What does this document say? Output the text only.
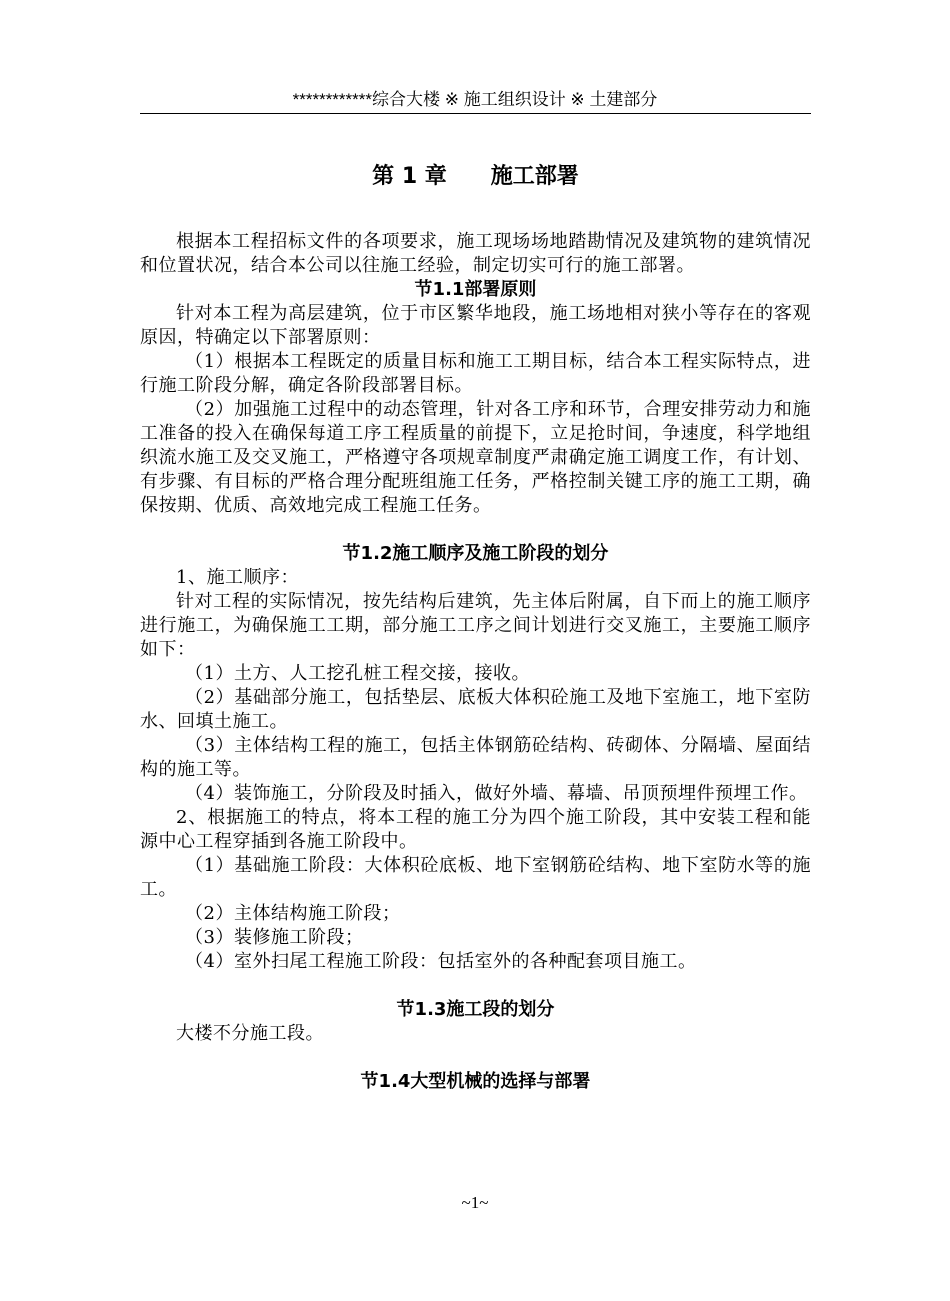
************综合大楼 ※ 施工组织设计 ※ 土建部分
第 1 章　　施工部署

根据本工程招标文件的各项要求，施工现场场地踏勘情况及建筑物的建筑情况和位置状况，结合本公司以往施工经验，制定切实可行的施工部署。

节1.1部署原则

针对本工程为高层建筑，位于市区繁华地段，施工场地相对狭小等存在的客观原因，特确定以下部署原则：

（1）根据本工程既定的质量目标和施工工期目标，结合本工程实际特点，进行施工阶段分解，确定各阶段部署目标。

（2）加强施工过程中的动态管理，针对各工序和环节，合理安排劳动力和施工准备的投入在确保每道工序工程质量的前提下，立足抢时间，争速度，科学地组织流水施工及交叉施工，严格遵守各项规章制度严肃确定施工调度工作，有计划、有步骤、有目标的严格合理分配班组施工任务，严格控制关键工序的施工工期，确保按期、优质、高效地完成工程施工任务。

节1.2施工顺序及施工阶段的划分

1、施工顺序：

针对工程的实际情况，按先结构后建筑，先主体后附属，自下而上的施工顺序进行施工，为确保施工工期，部分施工工序之间计划进行交叉施工，主要施工顺序如下：

（1）土方、人工挖孔桩工程交接，接收。

（2）基础部分施工，包括垫层、底板大体积砼施工及地下室施工，地下室防水、回填土施工。

（3）主体结构工程的施工，包括主体钢筋砼结构、砖砌体、分隔墙、屋面结构的施工等。

（4）装饰施工，分阶段及时插入，做好外墙、幕墙、吊顶预埋件预埋工作。

2、根据施工的特点，将本工程的施工分为四个施工阶段，其中安装工程和能源中心工程穿插到各施工阶段中。

（1）基础施工阶段：大体积砼底板、地下室钢筋砼结构、地下室防水等的施工。

（2）主体结构施工阶段；

（3）装修施工阶段；

（4）室外扫尾工程施工阶段：包括室外的各种配套项目施工。

节1.3施工段的划分

大楼不分施工段。

节1.4大型机械的选择与部署
~1~
